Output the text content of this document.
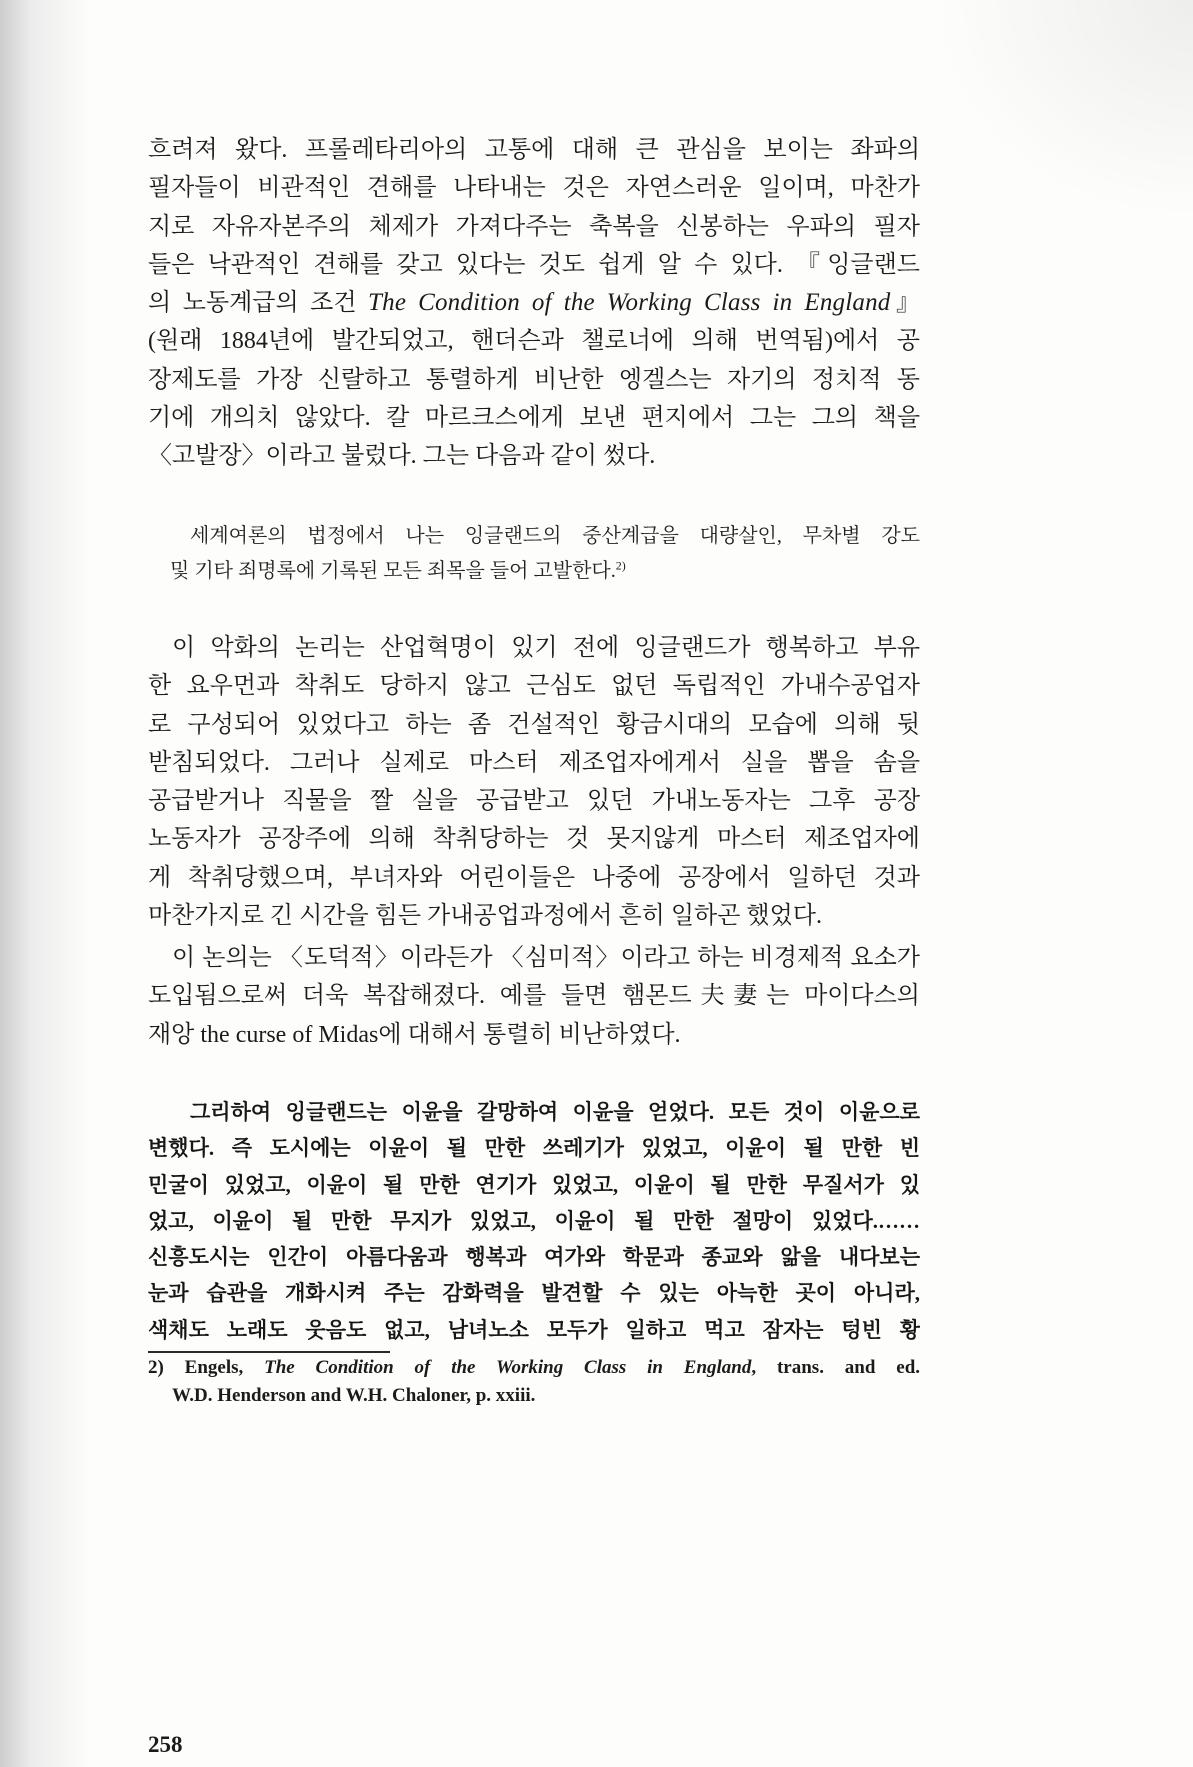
흐려져 왔다. 프롤레타리아의 고통에 대해 큰 관심을 보이는 좌파의
필자들이 비관적인 견해를 나타내는 것은 자연스러운 일이며, 마찬가
지로 자유자본주의 체제가 가져다주는 축복을 신봉하는 우파의 필자
들은 낙관적인 견해를 갖고 있다는 것도 쉽게 알 수 있다. 『잉글랜드
의 노동계급의 조건 The Condition of the Working Class in England』
(원래 1884년에 발간되었고, 핸더슨과 챌로너에 의해 번역됨)에서 공
장제도를 가장 신랄하고 통렬하게 비난한 엥겔스는 자기의 정치적 동
기에 개의치 않았다. 칼 마르크스에게 보낸 편지에서 그는 그의 책을
〈고발장〉이라고 불렀다. 그는 다음과 같이 썼다.
세계여론의 법정에서 나는 잉글랜드의 중산계급을 대량살인, 무차별 강도
및 기타 죄명록에 기록된 모든 죄목을 들어 고발한다.$^{2)}$
이 악화의 논리는 산업혁명이 있기 전에 잉글랜드가 행복하고 부유
한 요우먼과 착취도 당하지 않고 근심도 없던 독립적인 가내수공업자
로 구성되어 있었다고 하는 좀 건설적인 황금시대의 모습에 의해 뒷
받침되었다. 그러나 실제로 마스터 제조업자에게서 실을 뽑을 솜을
공급받거나 직물을 짤 실을 공급받고 있던 가내노동자는 그후 공장
노동자가 공장주에 의해 착취당하는 것 못지않게 마스터 제조업자에
게 착취당했으며, 부녀자와 어린이들은 나중에 공장에서 일하던 것과
마찬가지로 긴 시간을 힘든 가내공업과정에서 흔히 일하곤 했었다.
이 논의는 〈도덕적〉이라든가 〈심미적〉이라고 하는 비경제적 요소가
도입됨으로써 더욱 복잡해졌다. 예를 들면 햄몬드夫妻는 마이다스의
재앙 the curse of Midas에 대해서 통렬히 비난하였다.
그리하여 잉글랜드는 이윤을 갈망하여 이윤을 얻었다. 모든 것이 이윤으로
변했다. 즉 도시에는 이윤이 될 만한 쓰레기가 있었고, 이윤이 될 만한 빈
민굴이 있었고, 이윤이 될 만한 연기가 있었고, 이윤이 될 만한 무질서가 있
었고, 이윤이 될 만한 무지가 있었고, 이윤이 될 만한 절망이 있었다.……
신흥도시는 인간이 아름다움과 행복과 여가와 학문과 종교와 앎을 내다보는
눈과 습관을 개화시켜 주는 감화력을 발견할 수 있는 아늑한 곳이 아니라,
색채도 노래도 웃음도 없고, 남녀노소 모두가 일하고 먹고 잠자는 텅빈 황
2) Engels, The Condition of the Working Class in England, trans. and ed.
W.D. Henderson and W.H. Chaloner, p. xxiii.
258
